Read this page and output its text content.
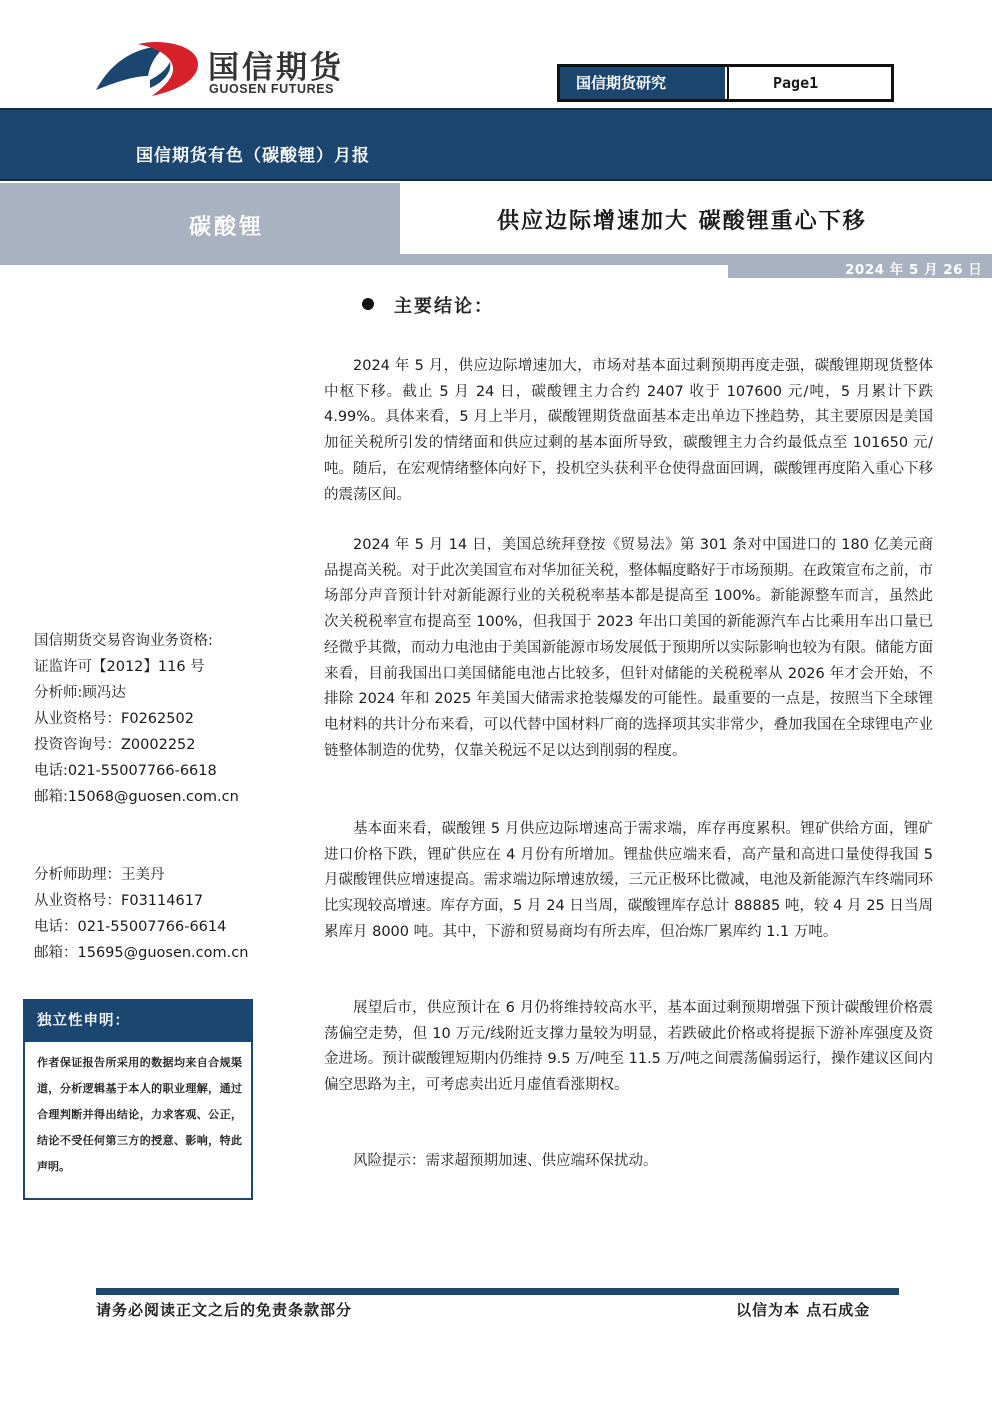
国信期货
GUOSEN FUTURES	国信期货研究	Page1
国信期货有色（碳酸锂）月报
碳酸锂	供应边际增速加大 碳酸锂重心下移
2024 年 5 月 26 日
主要结论：

2024 年 5 月，供应边际增速加大，市场对基本面过剩预期再度走强，碳酸锂期现货整体中枢下移。截止 5 月 24 日，碳酸锂主力合约 2407 收于 107600 元/吨，5 月累计下跌 4.99%。具体来看，5 月上半月，碳酸锂期货盘面基本走出单边下挫趋势，其主要原因是美国加征关税所引发的情绪面和供应过剩的基本面所导致，碳酸锂主力合约最低点至 101650 元/吨。随后，在宏观情绪整体向好下，投机空头获利平仓使得盘面回调，碳酸锂再度陷入重心下移的震荡区间。

2024 年 5 月 14 日，美国总统拜登按《贸易法》第 301 条对中国进口的 180 亿美元商品提高关税。对于此次美国宣布对华加征关税，整体幅度略好于市场预期。在政策宣布之前，市场部分声音预计针对新能源行业的关税税率基本都是提高至 100%。新能源整车而言，虽然此次关税税率宣布提高至 100%，但我国于 2023 年出口美国的新能源汽车占比乘用车出口量已经微乎其微，而动力电池由于美国新能源市场发展低于预期所以实际影响也较为有限。储能方面来看，目前我国出口美国储能电池占比较多，但针对储能的关税税率从 2026 年才会开始，不排除 2024 年和 2025 年美国大储需求抢装爆发的可能性。最重要的一点是，按照当下全球锂电材料的共计分布来看，可以代替中国材料厂商的选择项其实非常少，叠加我国在全球锂电产业链整体制造的优势，仅靠关税远不足以达到削弱的程度。

基本面来看，碳酸锂 5 月供应边际增速高于需求端，库存再度累积。锂矿供给方面，锂矿进口价格下跌，锂矿供应在 4 月份有所增加。锂盐供应端来看，高产量和高进口量使得我国 5 月碳酸锂供应增速提高。需求端边际增速放缓，三元正极环比微减，电池及新能源汽车终端同环比实现较高增速。库存方面，5 月 24 日当周，碳酸锂库存总计 88885 吨，较 4 月 25 日当周累库月 8000 吨。其中，下游和贸易商均有所去库，但冶炼厂累库约 1.1 万吨。

展望后市，供应预计在 6 月仍将维持较高水平，基本面过剩预期增强下预计碳酸锂价格震荡偏空走势，但 10 万元/线附近支撑力量较为明显，若跌破此价格或将提振下游补库强度及资金进场。预计碳酸锂短期内仍维持 9.5 万/吨至 11.5 万/吨之间震荡偏弱运行，操作建议区间内偏空思路为主，可考虑卖出近月虚值看涨期权。

风险提示：需求超预期加速、供应端环保扰动。

国信期货交易咨询业务资格:
证监许可【2012】116 号
分析师:顾冯达
从业资格号：F0262502
投资咨询号：Z0002252
电话:021-55007766-6618
邮箱:15068@guosen.com.cn
分析师助理：王美丹
从业资格号：F03114617
电话：021-55007766-6614
邮箱：15695@guosen.com.cn
独立性申明：
作者保证报告所采用的数据均来自合规渠道，分析逻辑基于本人的职业理解，通过合理判断并得出结论，力求客观、公正，结论不受任何第三方的授意、影响，特此声明。
请务必阅读正文之后的免责条款部分	以信为本 点石成金
